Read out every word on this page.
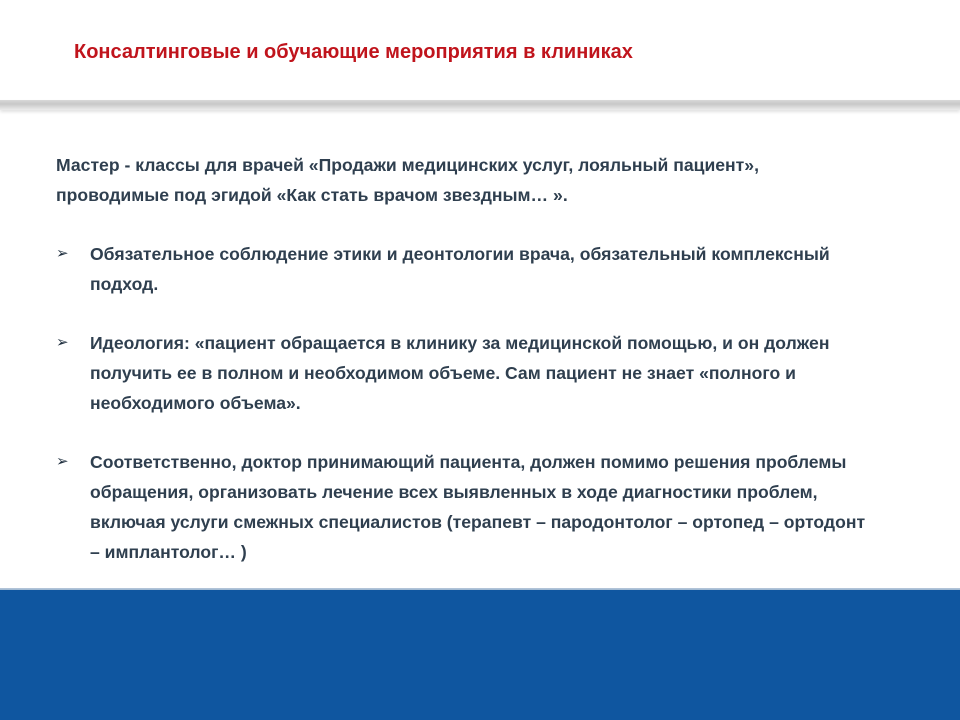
Консалтинговые и обучающие мероприятия в клиниках

Мастер - классы для врачей «Продажи медицинских услуг, лояльный пациент», проводимые под эгидой «Как стать врачом звездным… ».

➢	Обязательное соблюдение этики и деонтологии врача, обязательный комплексный подход.
➢	Идеология: «пациент обращается в клинику за медицинской помощью, и он должен получить ее в полном и необходимом объеме. Сам пациент не знает «полного и необходимого объема».
➢	Соответственно, доктор принимающий пациента, должен помимо решения проблемы обращения, организовать лечение всех выявленных в ходе диагностики проблем, включая услуги смежных специалистов (терапевт – пародонтолог – ортопед – ортодонт – имплантолог… )
